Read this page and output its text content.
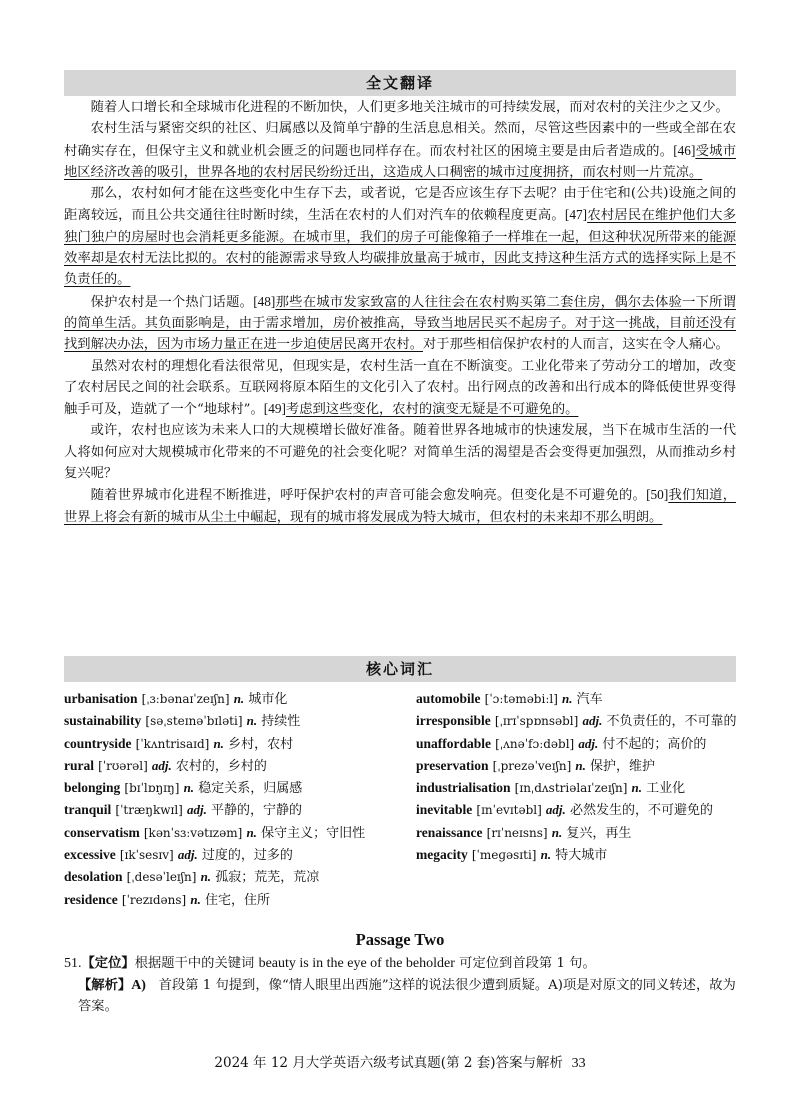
全文翻译

随着人口增长和全球城市化进程的不断加快，人们更多地关注城市的可持续发展，而对农村的关注少之又少。

农村生活与紧密交织的社区、归属感以及简单宁静的生活息息相关。然而，尽管这些因素中的一些或全部在农村确实存在，但保守主义和就业机会匮乏的问题也同样存在。而农村社区的困境主要是由后者造成的。[46]受城市地区经济改善的吸引，世界各地的农村居民纷纷迁出，这造成人口稠密的城市过度拥挤，而农村则一片荒凉。

那么，农村如何才能在这些变化中生存下去，或者说，它是否应该生存下去呢？由于住宅和(公共)设施之间的距离较远，而且公共交通往往时断时续，生活在农村的人们对汽车的依赖程度更高。[47]农村居民在维护他们大多独门独户的房屋时也会消耗更多能源。在城市里，我们的房子可能像箱子一样堆在一起，但这种状况所带来的能源效率却是农村无法比拟的。农村的能源需求导致人均碳排放量高于城市，因此支持这种生活方式的选择实际上是不负责任的。

保护农村是一个热门话题。[48]那些在城市发家致富的人往往会在农村购买第二套住房，偶尔去体验一下所谓的简单生活。其负面影响是，由于需求增加，房价被推高，导致当地居民买不起房子。对于这一挑战，目前还没有找到解决办法，因为市场力量正在进一步迫使居民离开农村。对于那些相信保护农村的人而言，这实在令人痛心。

虽然对农村的理想化看法很常见，但现实是，农村生活一直在不断演变。工业化带来了劳动分工的增加，改变了农村居民之间的社会联系。互联网将原本陌生的文化引入了农村。出行网点的改善和出行成本的降低使世界变得触手可及，造就了一个“地球村”。[49]考虑到这些变化，农村的演变无疑是不可避免的。

或许，农村也应该为未来人口的大规模增长做好准备。随着世界各地城市的快速发展，当下在城市生活的一代人将如何应对大规模城市化带来的不可避免的社会变化呢？对简单生活的渴望是否会变得更加强烈，从而推动乡村复兴呢？

随着世界城市化进程不断推进，呼吁保护农村的声音可能会愈发响亮。但变化是不可避免的。[50]我们知道，世界上将会有新的城市从尘土中崛起，现有的城市将发展成为特大城市，但农村的未来却不那么明朗。

核心词汇

urbanisation [ˌɜːbənaɪˈzeɪʃn] n. 城市化

sustainability [səˌsteɪnəˈbɪləti] n. 持续性

countryside [ˈkʌntrisaɪd] n. 乡村，农村

rural [ˈrʊərəl] adj. 农村的，乡村的

belonging [bɪˈlɒŋɪŋ] n. 稳定关系，归属感

tranquil [ˈtræŋkwɪl] adj. 平静的，宁静的

conservatism [kənˈsɜːvətɪzəm] n. 保守主义；守旧性

excessive [ɪkˈsesɪv] adj. 过度的，过多的

desolation [ˌdesəˈleɪʃn] n. 孤寂；荒芜，荒凉

residence [ˈrezɪdəns] n. 住宅，住所

automobile [ˈɔːtəməbiːl] n. 汽车

irresponsible [ˌɪrɪˈspɒnsəbl] adj. 不负责任的，不可靠的

unaffordable [ˌʌnəˈfɔːdəbl] adj. 付不起的；高价的

preservation [ˌprezəˈveɪʃn] n. 保护，维护

industrialisation [ɪnˌdʌstriəlaɪˈzeɪʃn] n. 工业化

inevitable [ɪnˈevɪtəbl] adj. 必然发生的，不可避免的

renaissance [rɪˈneɪsns] n. 复兴，再生

megacity [ˈmeɡəsɪti] n. 特大城市

Passage Two
51.【定位】根据题干中的关键词 beauty is in the eye of the beholder 可定位到首段第 1 句。
【解析】A) 首段第 1 句提到，像“情人眼里出西施”这样的说法很少遭到质疑。A)项是对原文的同义转述，故为答案。
2024 年 12 月大学英语六级考试真题(第 2 套)答案与解析 33
